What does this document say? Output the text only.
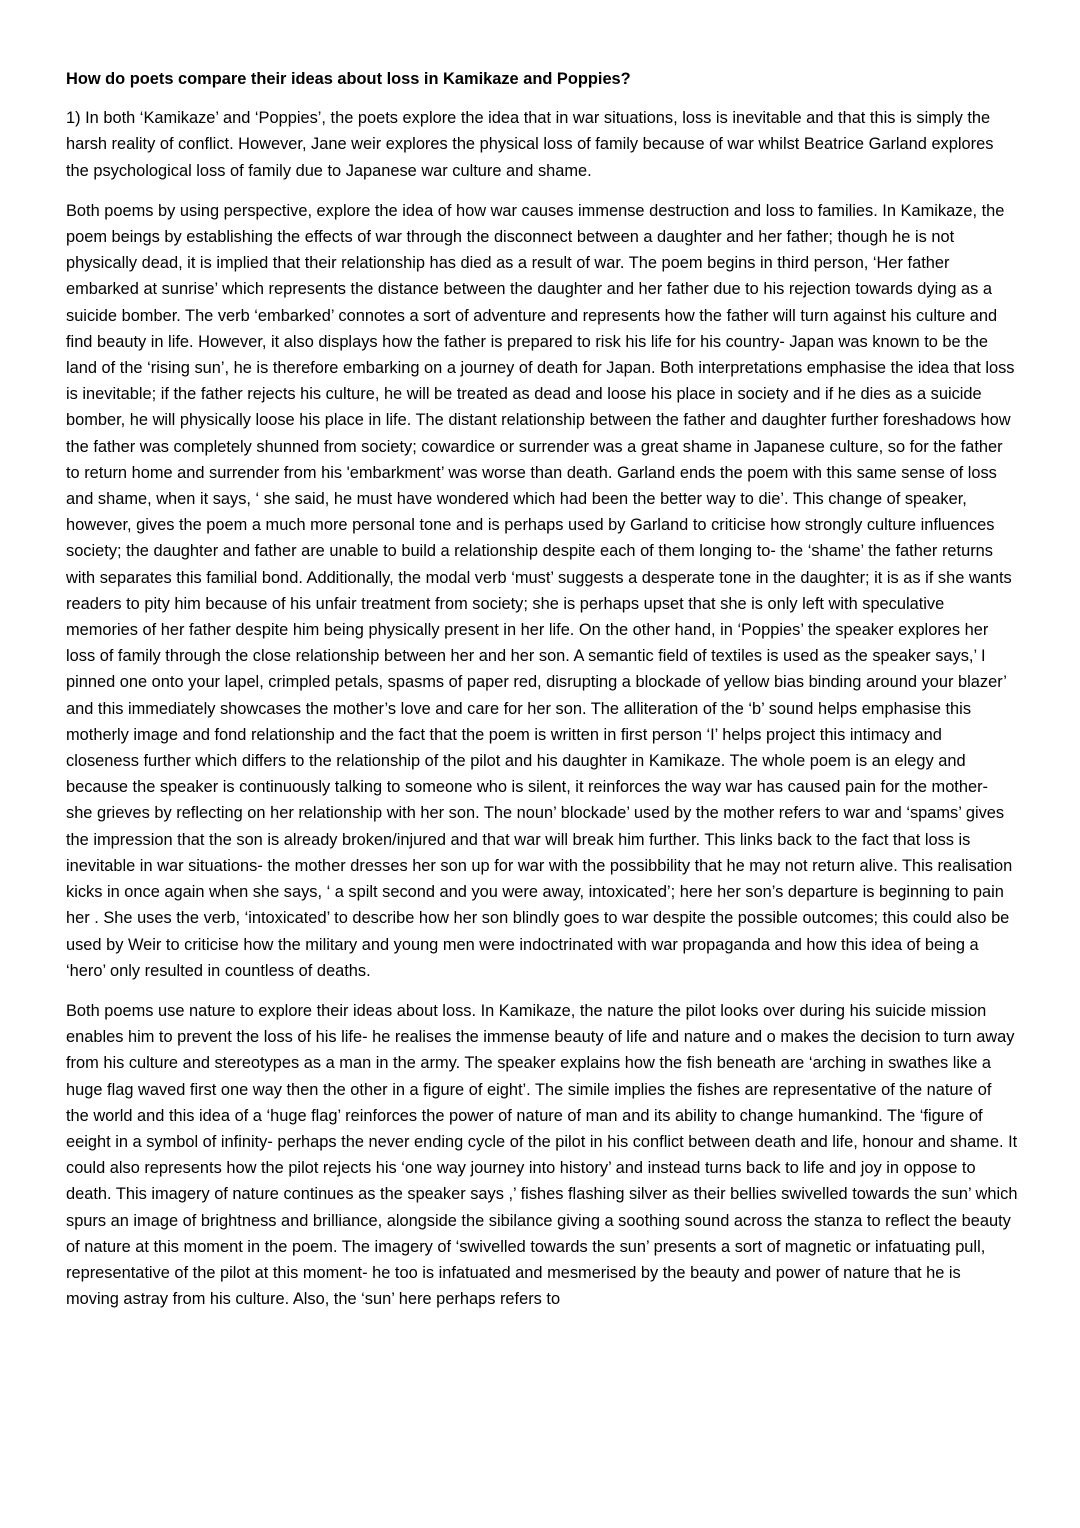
How do poets compare their ideas about loss in Kamikaze and Poppies?

1) In both ‘Kamikaze’ and ‘Poppies’, the poets explore the idea that in war situations, loss is inevitable and that this is simply the harsh reality of conflict. However, Jane weir explores the physical loss of family because of war whilst Beatrice Garland explores the psychological loss of family due to Japanese war culture and shame.

Both poems by using perspective, explore the idea of how war causes immense destruction and loss to families. In Kamikaze, the poem beings by establishing the effects of war through the disconnect between a daughter and her father; though he is not physically dead, it is implied that their relationship has died as a result of war. The poem begins in third person, ‘Her father embarked at sunrise’ which represents the distance between the daughter and her father due to his rejection towards dying as a suicide bomber. The verb ‘embarked’ connotes a sort of adventure and represents how the father will turn against his culture and find beauty in life. However, it also displays how the father is prepared to risk his life for his country- Japan was known to be the land of the ‘rising sun’, he is therefore embarking on a journey of death for Japan. Both interpretations emphasise the idea that loss is inevitable; if the father rejects his culture, he will be treated as dead and loose his place in society and if he dies as a suicide bomber, he will physically loose his place in life. The distant relationship between the father and daughter further foreshadows how the father was completely shunned from society; cowardice or surrender was a great shame in Japanese culture, so for the father to return home and surrender from his 'embarkment’ was worse than death. Garland ends the poem with this same sense of loss and shame, when it says, ‘ she said, he must have wondered which had been the better way to die’. This change of speaker, however, gives the poem a much more personal tone and is perhaps used by Garland to criticise how strongly culture influences society; the daughter and father are unable to build a relationship despite each of them longing to- the ‘shame’ the father returns with separates this familial bond. Additionally, the modal verb ‘must’ suggests a desperate tone in the daughter; it is as if she wants readers to pity him because of his unfair treatment from society; she is perhaps upset that she is only left with speculative memories of her father despite him being physically present in her life. On the other hand, in ‘Poppies’ the speaker explores her loss of family through the close relationship between her and her son. A semantic field of textiles is used as the speaker says,’ I pinned one onto your lapel, crimpled petals, spasms of paper red, disrupting a blockade of yellow bias binding around your blazer’ and this immediately showcases the mother’s love and care for her son. The alliteration of the ‘b’ sound helps emphasise this motherly image and fond relationship and the fact that the poem is written in first person ‘I’ helps project this intimacy and closeness further which differs to the relationship of the pilot and his daughter in Kamikaze. The whole poem is an elegy and because the speaker is continuously talking to someone who is silent, it reinforces the way war has caused pain for the mother- she grieves by reflecting on her relationship with her son. The noun’ blockade’ used by the mother refers to war and ‘spams’ gives the impression that the son is already broken/injured and that war will break him further. This links back to the fact that loss is inevitable in war situations- the mother dresses her son up for war with the possibbility that he may not return alive. This realisation kicks in once again when she says, ‘ a spilt second and you were away, intoxicated’; here her son’s departure is beginning to pain her . She uses the verb, ‘intoxicated’ to describe how her son blindly goes to war despite the possible outcomes; this could also be used by Weir to criticise how the military and young men were indoctrinated with war propaganda and how this idea of being a ‘hero’ only resulted in countless of deaths.

Both poems use nature to explore their ideas about loss. In Kamikaze, the nature the pilot looks over during his suicide mission enables him to prevent the loss of his life- he realises the immense beauty of life and nature and o makes the decision to turn away from his culture and stereotypes as a man in the army. The speaker explains how the fish beneath are ‘arching in swathes like a huge flag waved first one way then the other in a figure of eight’. The simile implies the fishes are representative of the nature of the world and this idea of a ‘huge flag’ reinforces the power of nature of man and its ability to change humankind. The ‘figure of eeight in a symbol of infinity- perhaps the never ending cycle of the pilot in his conflict between death and life, honour and shame. It could also represents how the pilot rejects his ‘one way journey into history’ and instead turns back to life and joy in oppose to death. This imagery of nature continues as the speaker says ,’ fishes flashing silver as their bellies swivelled towards the sun’ which spurs an image of brightness and brilliance, alongside the sibilance giving a soothing sound across the stanza to reflect the beauty of nature at this moment in the poem. The imagery of ‘swivelled towards the sun’ presents a sort of magnetic or infatuating pull, representative of the pilot at this moment- he too is infatuated and mesmerised by the beauty and power of nature that he is moving astray from his culture. Also, the ‘sun’ here perhaps refers to
